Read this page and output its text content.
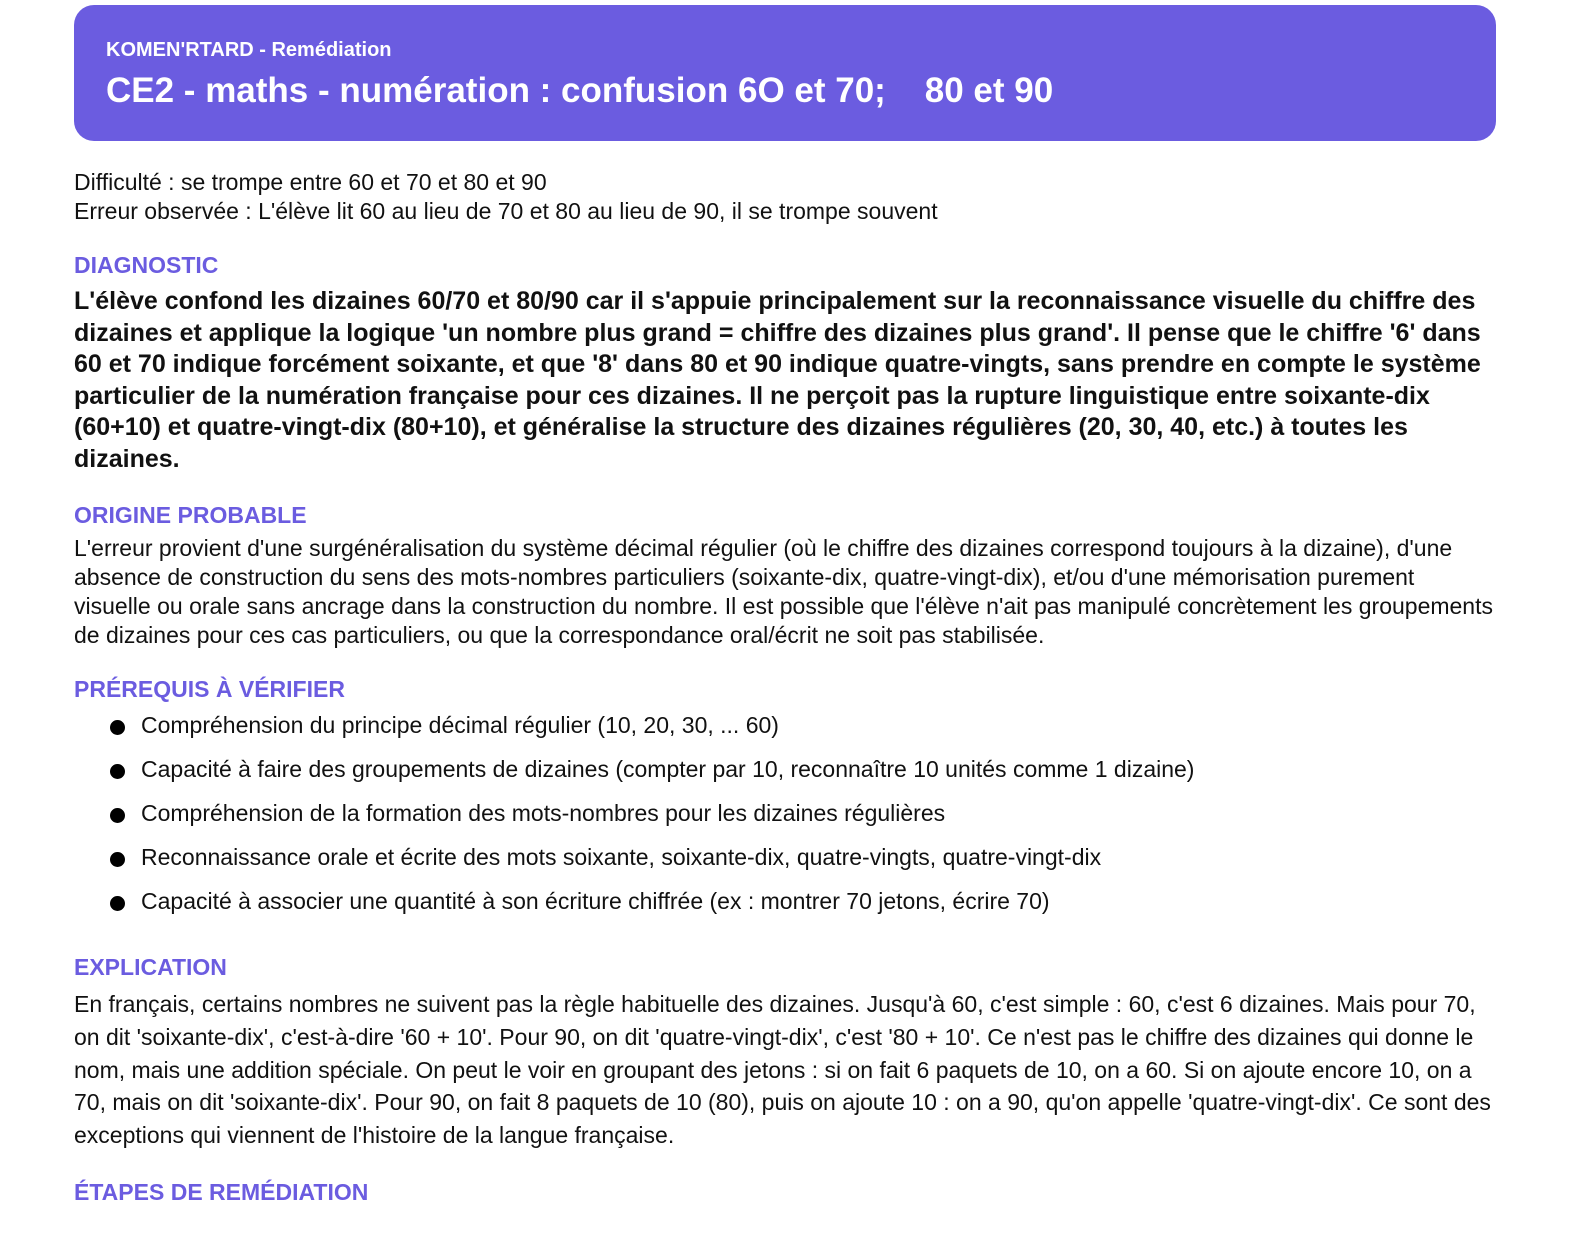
KOMEN'RTARD - Remédiation

CE2 - maths - numération : confusion 6O et 70;    80 et 90

Difficulté : se trompe entre 60 et 70 et 80 et 90

Erreur observée : L'élève lit 60 au lieu de 70 et 80 au lieu de 90, il se trompe souvent

DIAGNOSTIC

L'élève confond les dizaines 60/70 et 80/90 car il s'appuie principalement sur la reconnaissance visuelle du chiffre des dizaines et applique la logique 'un nombre plus grand = chiffre des dizaines plus grand'. Il pense que le chiffre '6' dans 60 et 70 indique forcément soixante, et que '8' dans 80 et 90 indique quatre-vingts, sans prendre en compte le système particulier de la numération française pour ces dizaines. Il ne perçoit pas la rupture linguistique entre soixante-dix (60+10) et quatre-vingt-dix (80+10), et généralise la structure des dizaines régulières (20, 30, 40, etc.) à toutes les dizaines.

ORIGINE PROBABLE

L'erreur provient d'une surgénéralisation du système décimal régulier (où le chiffre des dizaines correspond toujours à la dizaine), d'une absence de construction du sens des mots-nombres particuliers (soixante-dix, quatre-vingt-dix), et/ou d'une mémorisation purement visuelle ou orale sans ancrage dans la construction du nombre. Il est possible que l'élève n'ait pas manipulé concrètement les groupements de dizaines pour ces cas particuliers, ou que la correspondance oral/écrit ne soit pas stabilisée.

PRÉREQUIS À VÉRIFIER
Compréhension du principe décimal régulier (10, 20, 30, ... 60)
Capacité à faire des groupements de dizaines (compter par 10, reconnaître 10 unités comme 1 dizaine)
Compréhension de la formation des mots-nombres pour les dizaines régulières
Reconnaissance orale et écrite des mots soixante, soixante-dix, quatre-vingts, quatre-vingt-dix
Capacité à associer une quantité à son écriture chiffrée (ex : montrer 70 jetons, écrire 70)
EXPLICATION

En français, certains nombres ne suivent pas la règle habituelle des dizaines. Jusqu'à 60, c'est simple : 60, c'est 6 dizaines. Mais pour 70, on dit 'soixante-dix', c'est-à-dire '60 + 10'. Pour 90, on dit 'quatre-vingt-dix', c'est '80 + 10'. Ce n'est pas le chiffre des dizaines qui donne le nom, mais une addition spéciale. On peut le voir en groupant des jetons : si on fait 6 paquets de 10, on a 60. Si on ajoute encore 10, on a 70, mais on dit 'soixante-dix'. Pour 90, on fait 8 paquets de 10 (80), puis on ajoute 10 : on a 90, qu'on appelle 'quatre-vingt-dix'. Ce sont des exceptions qui viennent de l'histoire de la langue française.

ÉTAPES DE REMÉDIATION
